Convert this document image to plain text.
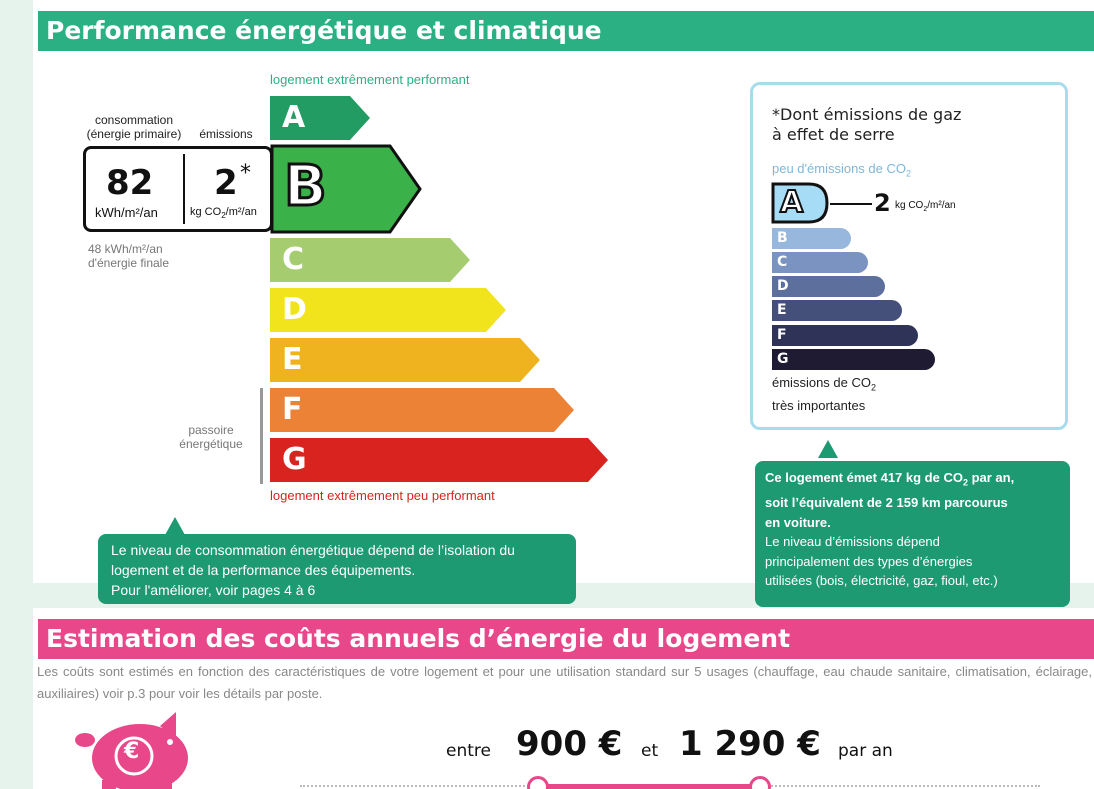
Performance énergétique et climatique
logement extrêmement performant
logement extrêmement peu performant
consommation
(énergie primaire)	émissions A
C
D
E
F
G
B
82
kWh/m²/an
2 *
kg $CO_2/m^2/an$
48 kWh/m²/an
d'énergie finale
passoire
énergétique
Le niveau de consommation énergétique dépend de l’isolation du
logement et de la performance des équipements.
Pour l'améliorer, voir pages 4 à 6
*Dont émissions de gaz
à effet de serre
peu d'émissions de $CO_2$
A	2 kg $CO_2/m^2/an$
B
C
D
E
F
G
émissions de $CO_2$
très importantes
Ce logement émet 417 kg de $CO_2$ par an,
soit l’équivalent de 2 159 km parcourus
en voiture.
Le niveau d’émissions dépend
principalement des types d’énergies
utilisées (bois, électricité, gaz, fioul, etc.)
Estimation des coûts annuels d’énergie du logement
Les coûts sont estimés en fonction des caractéristiques de votre logement et pour une utilisation standard sur 5 usages (chauffage, eau chaude sanitaire, climatisation, éclairage, auxiliaires) voir p.3 pour voir les détails par poste.
€	entre 900 € et 1 290 € par an
